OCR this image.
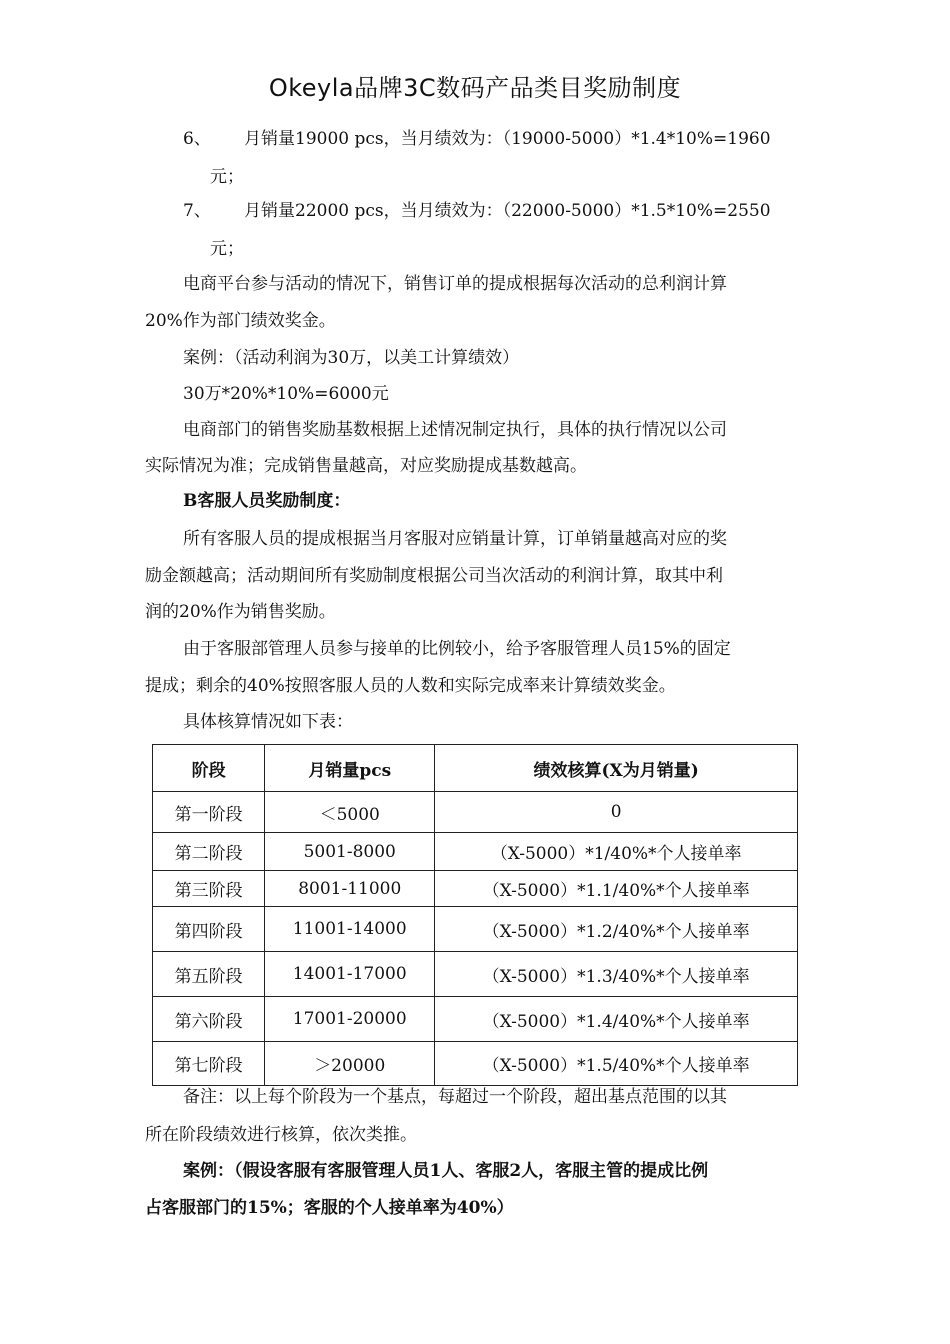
Okeyla品牌3C数码产品类目奖励制度
6、 月销量19000 pcs，当月绩效为：（19000-5000）*1.4*10%=1960
元；
7、 月销量22000 pcs，当月绩效为：（22000-5000）*1.5*10%=2550
元；
电商平台参与活动的情况下，销售订单的提成根据每次活动的总利润计算
20%作为部门绩效奖金。
案例：（活动利润为30万，以美工计算绩效）
30万*20%*10%=6000元
电商部门的销售奖励基数根据上述情况制定执行，具体的执行情况以公司
实际情况为准；完成销售量越高，对应奖励提成基数越高。
B客服人员奖励制度：
所有客服人员的提成根据当月客服对应销量计算，订单销量越高对应的奖
励金额越高；活动期间所有奖励制度根据公司当次活动的利润计算，取其中利
润的20%作为销售奖励。
由于客服部管理人员参与接单的比例较小，给予客服管理人员15%的固定
提成；剩余的40%按照客服人员的人数和实际完成率来计算绩效奖金。
具体核算情况如下表：
阶段	月销量pcs	绩效核算(X为月销量)
第一阶段	＜5000	0
第二阶段	5001-8000	（X-5000）*1/40%*个人接单率
第三阶段	8001-11000	（X-5000）*1.1/40%*个人接单率
第四阶段	11001-14000	（X-5000）*1.2/40%*个人接单率
第五阶段	14001-17000	（X-5000）*1.3/40%*个人接单率
第六阶段	17001-20000	（X-5000）*1.4/40%*个人接单率
第七阶段	＞20000	（X-5000）*1.5/40%*个人接单率
备注：以上每个阶段为一个基点，每超过一个阶段，超出基点范围的以其
所在阶段绩效进行核算，依次类推。
案例：（假设客服有客服管理人员1人、客服2人，客服主管的提成比例
占客服部门的15%；客服的个人接单率为40%）
